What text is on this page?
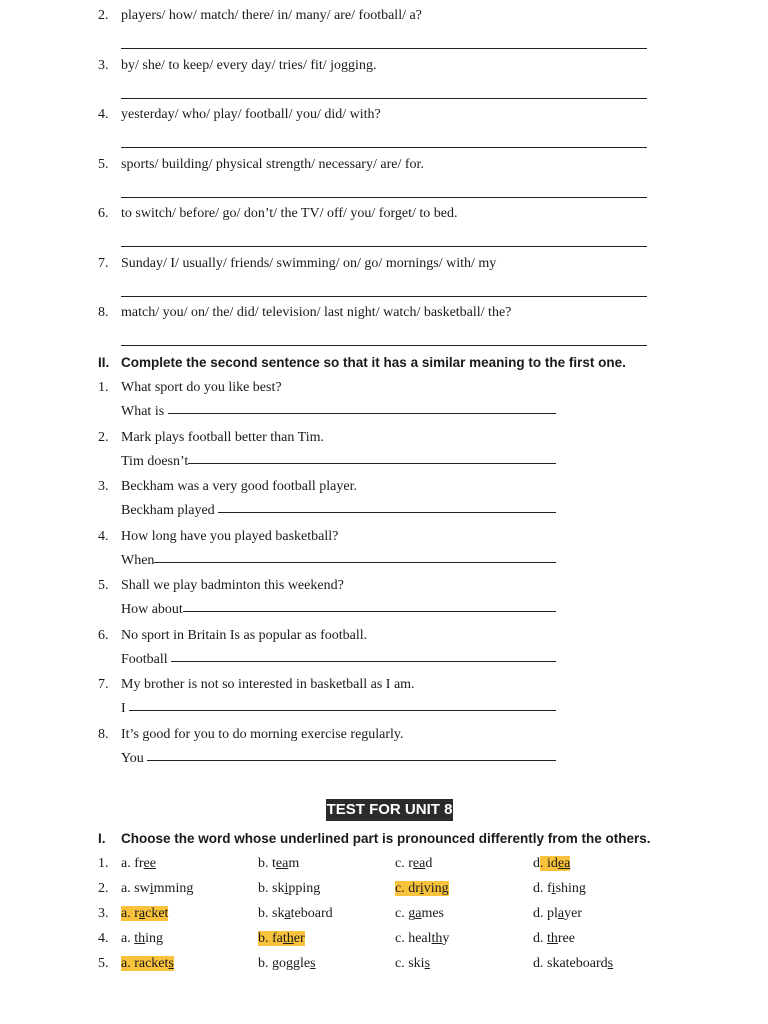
2. players/ how/ match/ there/ in/ many/ are/ football/ a?
3. by/ she/ to keep/ every day/ tries/ fit/ jogging.
4. yesterday/ who/ play/ football/ you/ did/ with?
5. sports/ building/ physical strength/ necessary/ are/ for.
6. to switch/ before/ go/ don’t/ the TV/ off/ you/ forget/ to bed.
7. Sunday/ I/ usually/ friends/ swimming/ on/ go/ mornings/ with/ my
8. match/ you/ on/ the/ did/ television/ last night/ watch/ basketball/ the?
II. Complete the second sentence so that it has a similar meaning to the first one.
1. What sport do you like best?
What is
2. Mark plays football better than Tim.
Tim doesn’t
3. Beckham was a very good football player.
Beckham played
4. How long have you played basketball?
When
5. Shall we play badminton this weekend?
How about
6. No sport in Britain Is as popular as football.
Football
7. My brother is not so interested in basketball as I am.
I
8. It’s good for you to do morning exercise regularly.
You
TEST FOR UNIT 8
I. Choose the word whose underlined part is pronounced differently from the others.
1. a. free	b. team	c. read	d. idea
2. a. swimming	b. skipping	c. driving	d. fishing
3. a. racket	b. skateboard	c. games	d. player
4. a. thing	b. father	c. healthy	d. three
5. a. rackets	b. goggles	c. skis	d. skateboards
